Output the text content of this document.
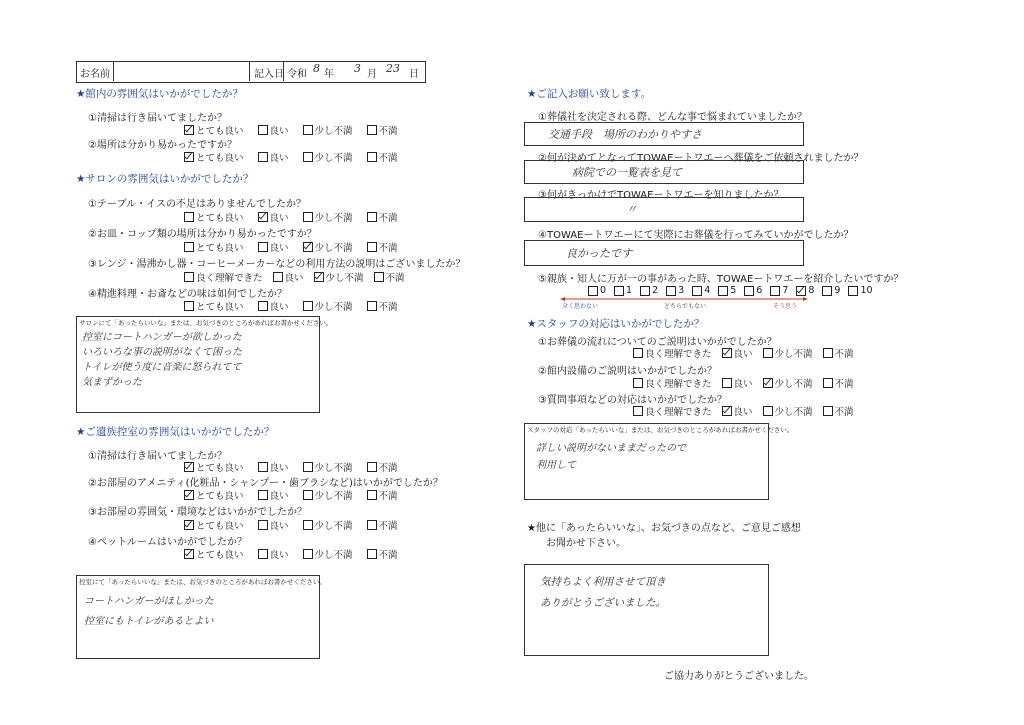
お名前	記入日 令和 8 年 3 月 23 日
★館内の雰囲気はいかがでしたか？
①清掃は行き届いてましたか？
とても良い	良い	少し不満	不満
②場所は分かり易かったですか？
とても良い	良い	少し不満	不満
★サロンの雰囲気はいかがでしたか？
①テーブル・イスの不足はありませんでしたか？
とても良い	良い	少し不満	不満
②お皿・コップ類の場所は分かり易かったですか？
とても良い	良い	少し不満	不満
③レンジ・湯沸かし器・コーヒーメーカーなどの利用方法の説明はございましたか？
良く理解できた 良い 少し不満 不満
④精進料理・お斎などの味は如何でしたか？
とても良い	良い	少し不満	不満
サロンにて「あったらいいな」または、お気づきのところがあればお書かせください。
控室にコートハンガーが欲しかった
いろいろな事の説明がなくて困った
トイレが使う度に音楽に怒られてて
気まずかった
★ご遺族控室の雰囲気はいかがでしたか？
①清掃は行き届いてましたか？
とても良い	良い	少し不満	不満
②お部屋のアメニティ(化粧品・シャンプー・歯ブラシなど)はいかがでしたか？
とても良い	良い	少し不満	不満
③お部屋の雰囲気・環境などはいかがでしたか？
とても良い	良い	少し不満	不満
④ペットルームはいかがでしたか？
とても良い	良い	少し不満	不満
控室にて「あったらいいな」または、お気づきのところがあればお書かせください。
コートハンガーがほしかった
控室にもトイレがあるとよい
★ご記入お願い致します。
①葬儀社を決定される際、どんな事で悩まれていましたか？
交通手段　場所のわかりやすさ
②何が決めてとなってTOWAEートワエーへ葬儀をご依頼されましたか？
病院での一覧表を見て
③何がきっかけでTOWAEートワエーを知りましたか？
〃
④TOWAEートワエーにて実際にお葬儀を行ってみていかがでしたか？
良かったです
⑤親族・知人に万が一の事があった時、TOWAEートワエーを紹介したいですか？
0 1 2 3 4 5 6 7 8 9 10
全く思わない	どちらでもない	そう思う
★スタッフの対応はいかがでしたか？
①お葬儀の流れについてのご説明はいかがでしたか？
良く理解できた 良い 少し不満 不満
②館内設備のご説明はいかがでしたか？
良く理解できた 良い 少し不満 不満
③質問事項などの対応はいかがでしたか？
良く理解できた 良い 少し不満 不満
スタッフの対応「あったらいいな」または、お気づきのところがあればお書かせください。
詳しい説明がないままだったので
利用して
★他に「あったらいいな」、お気づきの点など、ご意見ご感想
お聞かせ下さい。
気持ちよく利用させて頂き
ありがとうございました。
ご協力ありがとうございました。
